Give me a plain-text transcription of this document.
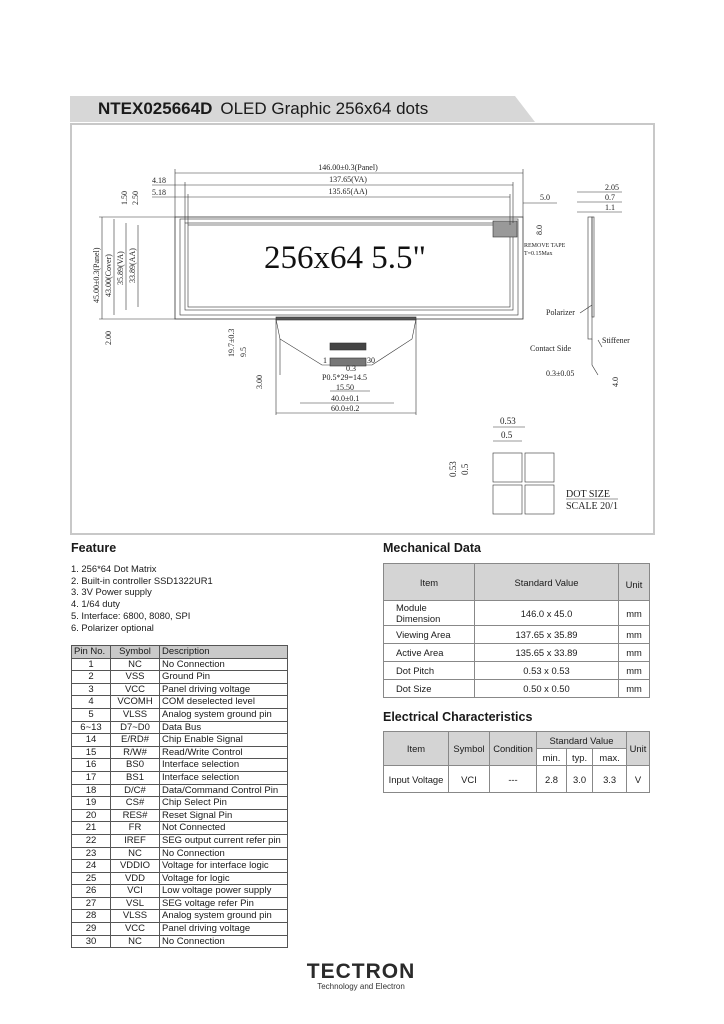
NTEX025664D OLED Graphic 256x64 dots
256x64 5.5"
146.00±0.3(Panel)
137.65(VA)
135.65(AA)
4.18
5.18
1.50 2.50
45.00±0.3(Panel) 43.00(Cover) 35.89(VA) 33.89(AA)
2.00
5.0
8.0
REMOVE TAPE
T=0.15Max
2.05
0.7
1.1
Polarizer
Contact Side
Stiffener
0.3±0.05
4.0
19.7±0.3 9.5
3.00
1	30
0.3
P0.5*29=14.5
15.50
40.0±0.1
60.0±0.2
0.53
0.5
0.53 0.5
DOT SIZE
SCALE 20/1
Feature
1. 256*64 Dot Matrix
2. Built-in controller SSD1322UR1
3. 3V Power supply
4. 1/64 duty
5. Interface: 6800, 8080, SPI
6. Polarizer optional
Pin No.	Symbol	Description
1	NC	No Connection
2	VSS	Ground Pin
3	VCC	Panel driving voltage
4	VCOMH	COM deselected level
5	VLSS	Analog system ground pin
6~13	D7~D0	Data Bus
14	E/RD#	Chip Enable Signal
15	R/W#	Read/Write Control
16	BS0	Interface selection
17	BS1	Interface selection
18	D/C#	Data/Command Control Pin
19	CS#	Chip Select Pin
20	RES#	Reset Signal Pin
21	FR	Not Connected
22	IREF	SEG output current refer pin
23	NC	No Connection
24	VDDIO	Voltage for interface logic
25	VDD	Voltage for logic
26	VCI	Low voltage power supply
27	VSL	SEG voltage refer Pin
28	VLSS	Analog system ground pin
29	VCC	Panel driving voltage
30	NC	No Connection
Mechanical Data
Item	Standard Value	Unit
Module Dimension	146.0 x 45.0	mm
Viewing Area	137.65 x 35.89	mm
Active Area	135.65 x 33.89	mm
Dot Pitch	0.53 x 0.53	mm
Dot Size	0.50 x 0.50	mm
Electrical Characteristics
Item	Symbol	Condition	Standard Value			Unit
			min.	typ.	max.	
Input Voltage	VCI	---	2.8	3.0	3.3	V
TECTRON
Technology and Electron
